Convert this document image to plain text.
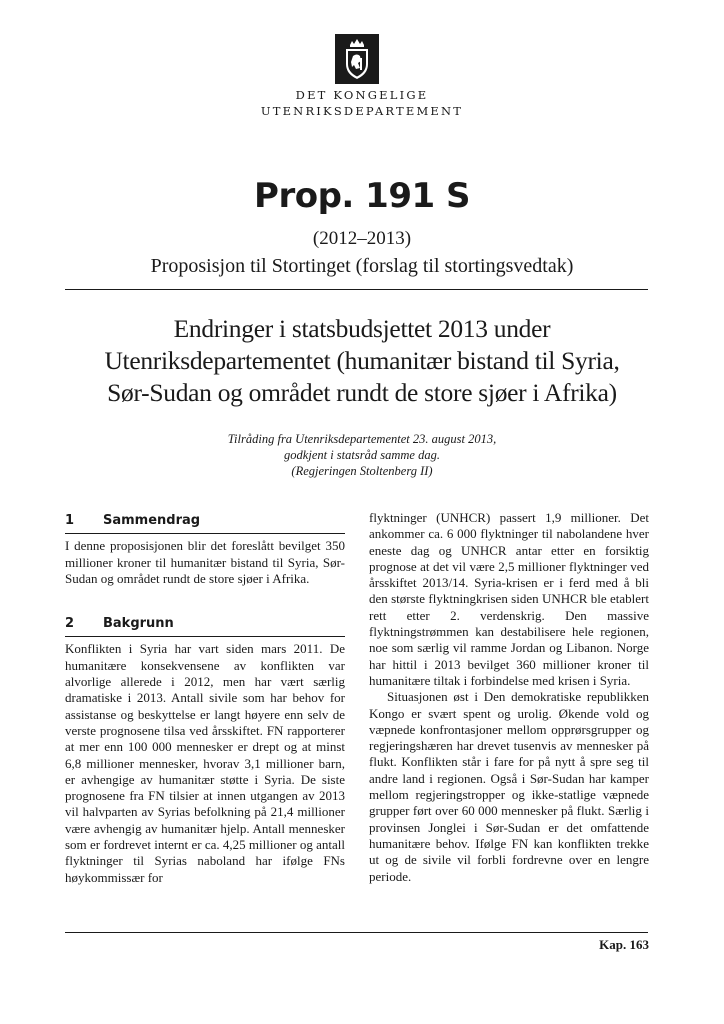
DET KONGELIGE
UTENRIKSDEPARTEMENT
Prop. 191 S
(2012–2013)
Proposisjon til Stortinget (forslag til stortingsvedtak)
Endringer i statsbudsjettet 2013 under
Utenriksdepartementet (humanitær bistand til Syria,
Sør-Sudan og området rundt de store sjøer i Afrika)
Tilråding fra Utenriksdepartementet 23. august 2013,
godkjent i statsråd samme dag.
(Regjeringen Stoltenberg II)
1	Sammendrag

I denne proposisjonen blir det foreslått bevilget 350 millioner kroner til humanitær bistand til Syria, Sør-Sudan og området rundt de store sjøer i Afrika.

2	Bakgrunn

Konflikten i Syria har vart siden mars 2011. De humanitære konsekvensene av konflikten var alvorlige allerede i 2012, men har vært særlig dramatiske i 2013. Antall sivile som har behov for assistanse og beskyttelse er langt høyere enn selv de verste prognosene tilsa ved årsskiftet. FN rapporterer at mer enn 100 000 mennesker er drept og at minst 6,8 millioner mennesker, hvorav 3,1 millioner barn, er avhengige av humanitær støtte i Syria. De siste prognosene fra FN tilsier at innen utgangen av 2013 vil halvparten av Syrias befolkning på 21,4 millioner være avhengig av humanitær hjelp. Antall mennesker som er fordrevet internt er ca. 4,25 millioner og antall flyktninger til Syrias naboland har ifølge FNs høykommissær for

flyktninger (UNHCR) passert 1,9 millioner. Det ankommer ca. 6 000 flyktninger til nabolandene hver eneste dag og UNHCR antar etter en forsiktig prognose at det vil være 2,5 millioner flyktninger ved årsskiftet 2013/14. Syria-krisen er i ferd med å bli den største flyktningkrisen siden UNHCR ble etablert rett etter 2. verdenskrig. Den massive flyktningstrømmen kan destabilisere hele regionen, noe som særlig vil ramme Jordan og Libanon. Norge har hittil i 2013 bevilget 360 millioner kroner til humanitære tiltak i forbindelse med krisen i Syria.

Situasjonen øst i Den demokratiske republikken Kongo er svært spent og urolig. Økende vold og væpnede konfrontasjoner mellom opprørsgrupper og regjeringshæren har drevet tusenvis av mennesker på flukt. Konflikten står i fare for på nytt å spre seg til andre land i regionen. Også i Sør-Sudan har kamper mellom regjeringstropper og ikke-statlige væpnede grupper ført over 60 000 mennesker på flukt. Særlig i provinsen Jonglei i Sør-Sudan er det omfattende humanitære behov. Ifølge FN kan konflikten trekke ut og de sivile vil forbli fordrevne over en lengre periode.

Kap. 163
